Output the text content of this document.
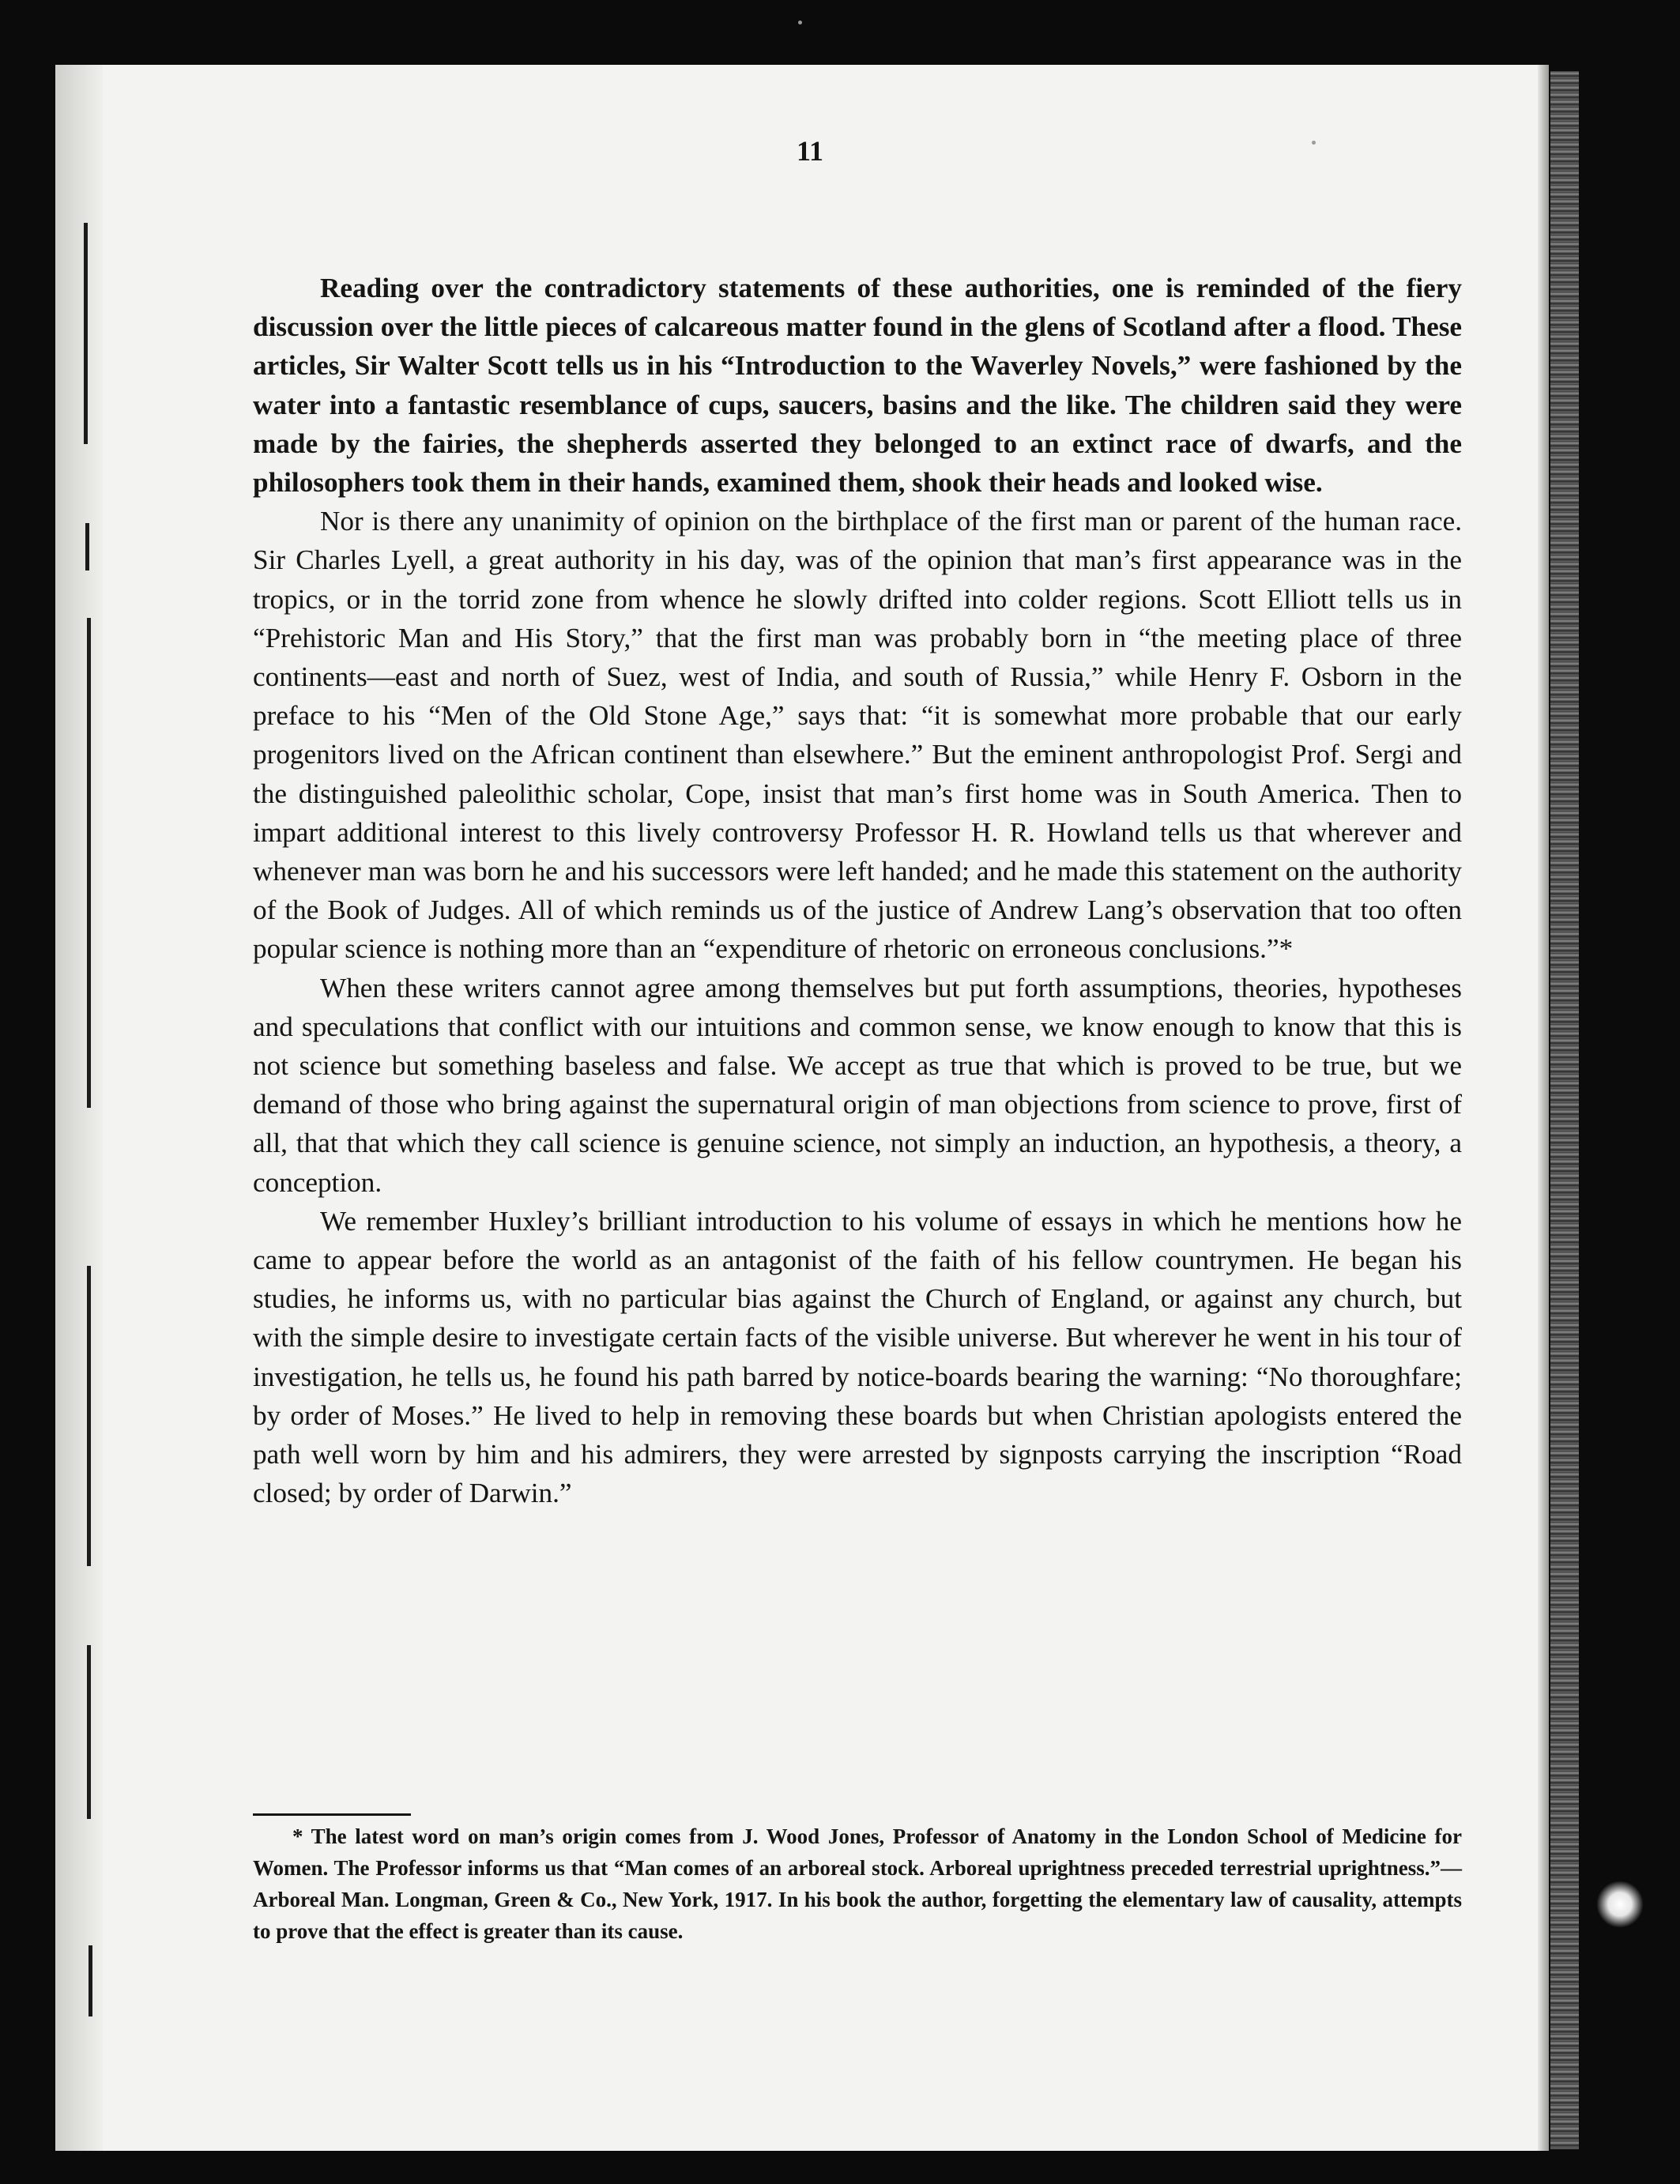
11

Reading over the contradictory statements of these authorities, one is reminded of the fiery discussion over the little pieces of calcareous matter found in the glens of Scotland after a flood. These articles, Sir Walter Scott tells us in his “Introduction to the Waverley Novels,” were fashioned by the water into a fantastic resemblance of cups, saucers, basins and the like. The children said they were made by the fairies, the shepherds asserted they belonged to an extinct race of dwarfs, and the philosophers took them in their hands, examined them, shook their heads and looked wise.

Nor is there any unanimity of opinion on the birthplace of the first man or parent of the human race. Sir Charles Lyell, a great authority in his day, was of the opinion that man’s first appearance was in the tropics, or in the torrid zone from whence he slowly drifted into colder regions. Scott Elliott tells us in “Prehistoric Man and His Story,” that the first man was probably born in “the meeting place of three continents—east and north of Suez, west of India, and south of Russia,” while Henry F. Osborn in the preface to his “Men of the Old Stone Age,” says that: “it is somewhat more probable that our early progenitors lived on the African continent than elsewhere.” But the eminent anthropologist Prof. Sergi and the distinguished paleolithic scholar, Cope, insist that man’s first home was in South America. Then to impart additional interest to this lively controversy Professor H. R. Howland tells us that wherever and whenever man was born he and his successors were left handed; and he made this statement on the authority of the Book of Judges. All of which reminds us of the justice of Andrew Lang’s observation that too often popular science is nothing more than an “expenditure of rhetoric on erroneous conclusions.”*

When these writers cannot agree among themselves but put forth assumptions, theories, hypotheses and speculations that conflict with our intuitions and common sense, we know enough to know that this is not science but something baseless and false. We accept as true that which is proved to be true, but we demand of those who bring against the supernatural origin of man objections from science to prove, first of all, that that which they call science is genuine science, not simply an induction, an hypothesis, a theory, a conception.

We remember Huxley’s brilliant introduction to his volume of essays in which he mentions how he came to appear before the world as an antagonist of the faith of his fellow countrymen. He began his studies, he informs us, with no particular bias against the Church of England, or against any church, but with the simple desire to investigate certain facts of the visible universe. But wherever he went in his tour of investigation, he tells us, he found his path barred by notice-boards bearing the warning: “No thoroughfare; by order of Moses.” He lived to help in removing these boards but when Christian apologists entered the path well worn by him and his admirers, they were arrested by signposts carrying the inscription “Road closed; by order of Darwin.”

* The latest word on man’s origin comes from J. Wood Jones, Professor of Anatomy in the London School of Medicine for Women. The Professor informs us that “Man comes of an arboreal stock. Arboreal uprightness preceded terrestrial uprightness.”—Arboreal Man. Longman, Green & Co., New York, 1917. In his book the author, forgetting the elementary law of causality, attempts to prove that the effect is greater than its cause.
